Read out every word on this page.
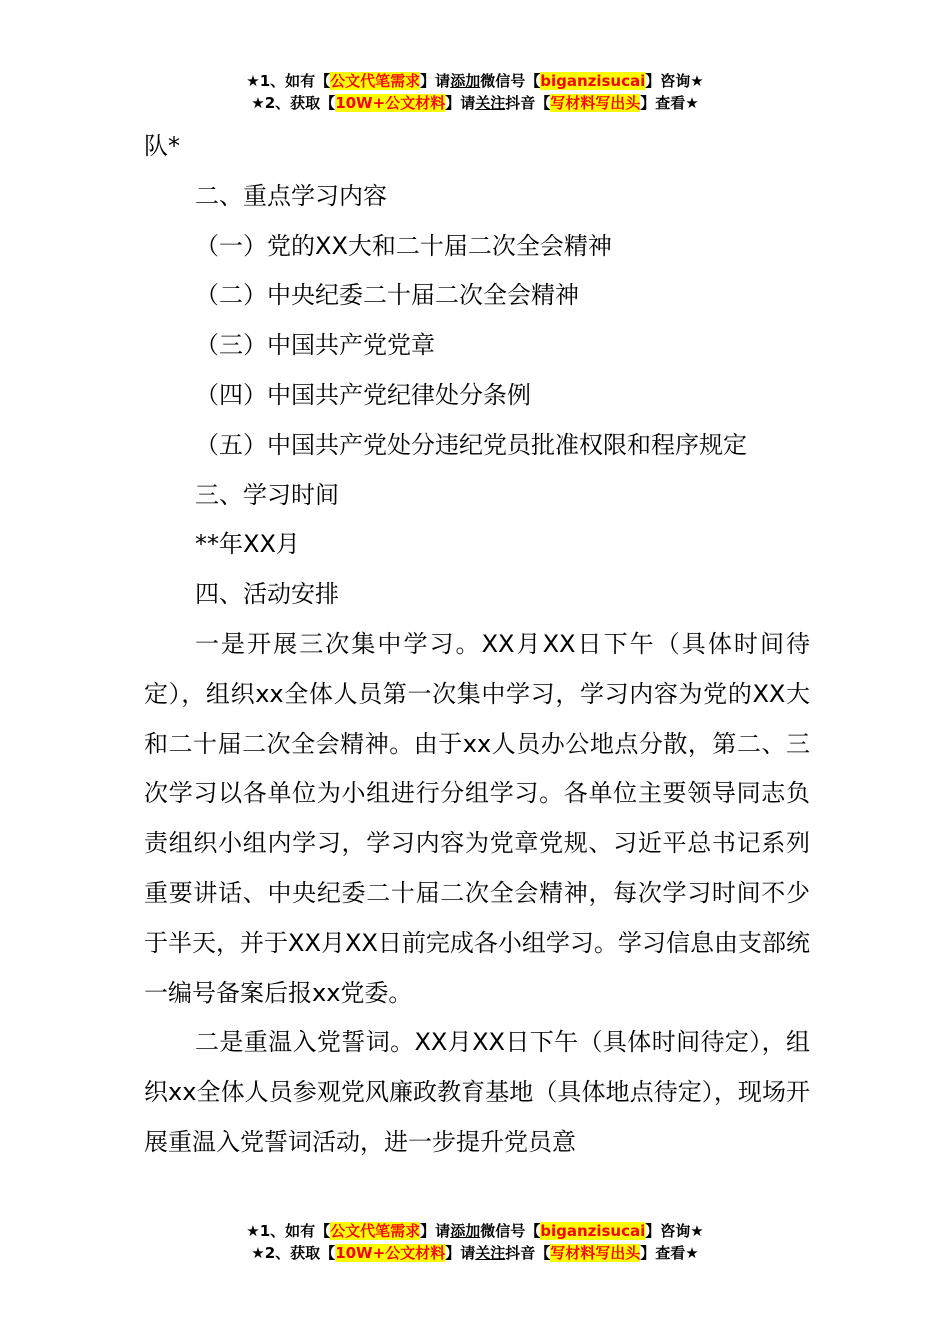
★1、如有【公文代笔需求】请添加微信号【biganzisucai】咨询★
★2、获取【10W+公文材料】请关注抖音【写材料写出头】查看★

队*

二、重点学习内容

（一）党的XX大和二十届二次全会精神

（二）中央纪委二十届二次全会精神

（三）中国共产党党章

（四）中国共产党纪律处分条例

（五）中国共产党处分违纪党员批准权限和程序规定

三、学习时间

**年XX月

四、活动安排

一是开展三次集中学习。XX月XX日下午（具体时间待定），组织xx全体人员第一次集中学习，学习内容为党的XX大和二十届二次全会精神。由于xx人员办公地点分散，第二、三次学习以各单位为小组进行分组学习。各单位主要领导同志负责组织小组内学习，学习内容为党章党规、习近平总书记系列重要讲话、中央纪委二十届二次全会精神，每次学习时间不少于半天，并于XX月XX日前完成各小组学习。学习信息由支部统一编号备案后报xx党委。

二是重温入党誓词。XX月XX日下午（具体时间待定），组织xx全体人员参观党风廉政教育基地（具体地点待定），现场开展重温入党誓词活动，进一步提升党员意

★1、如有【公文代笔需求】请添加微信号【biganzisucai】咨询★
★2、获取【10W+公文材料】请关注抖音【写材料写出头】查看★
